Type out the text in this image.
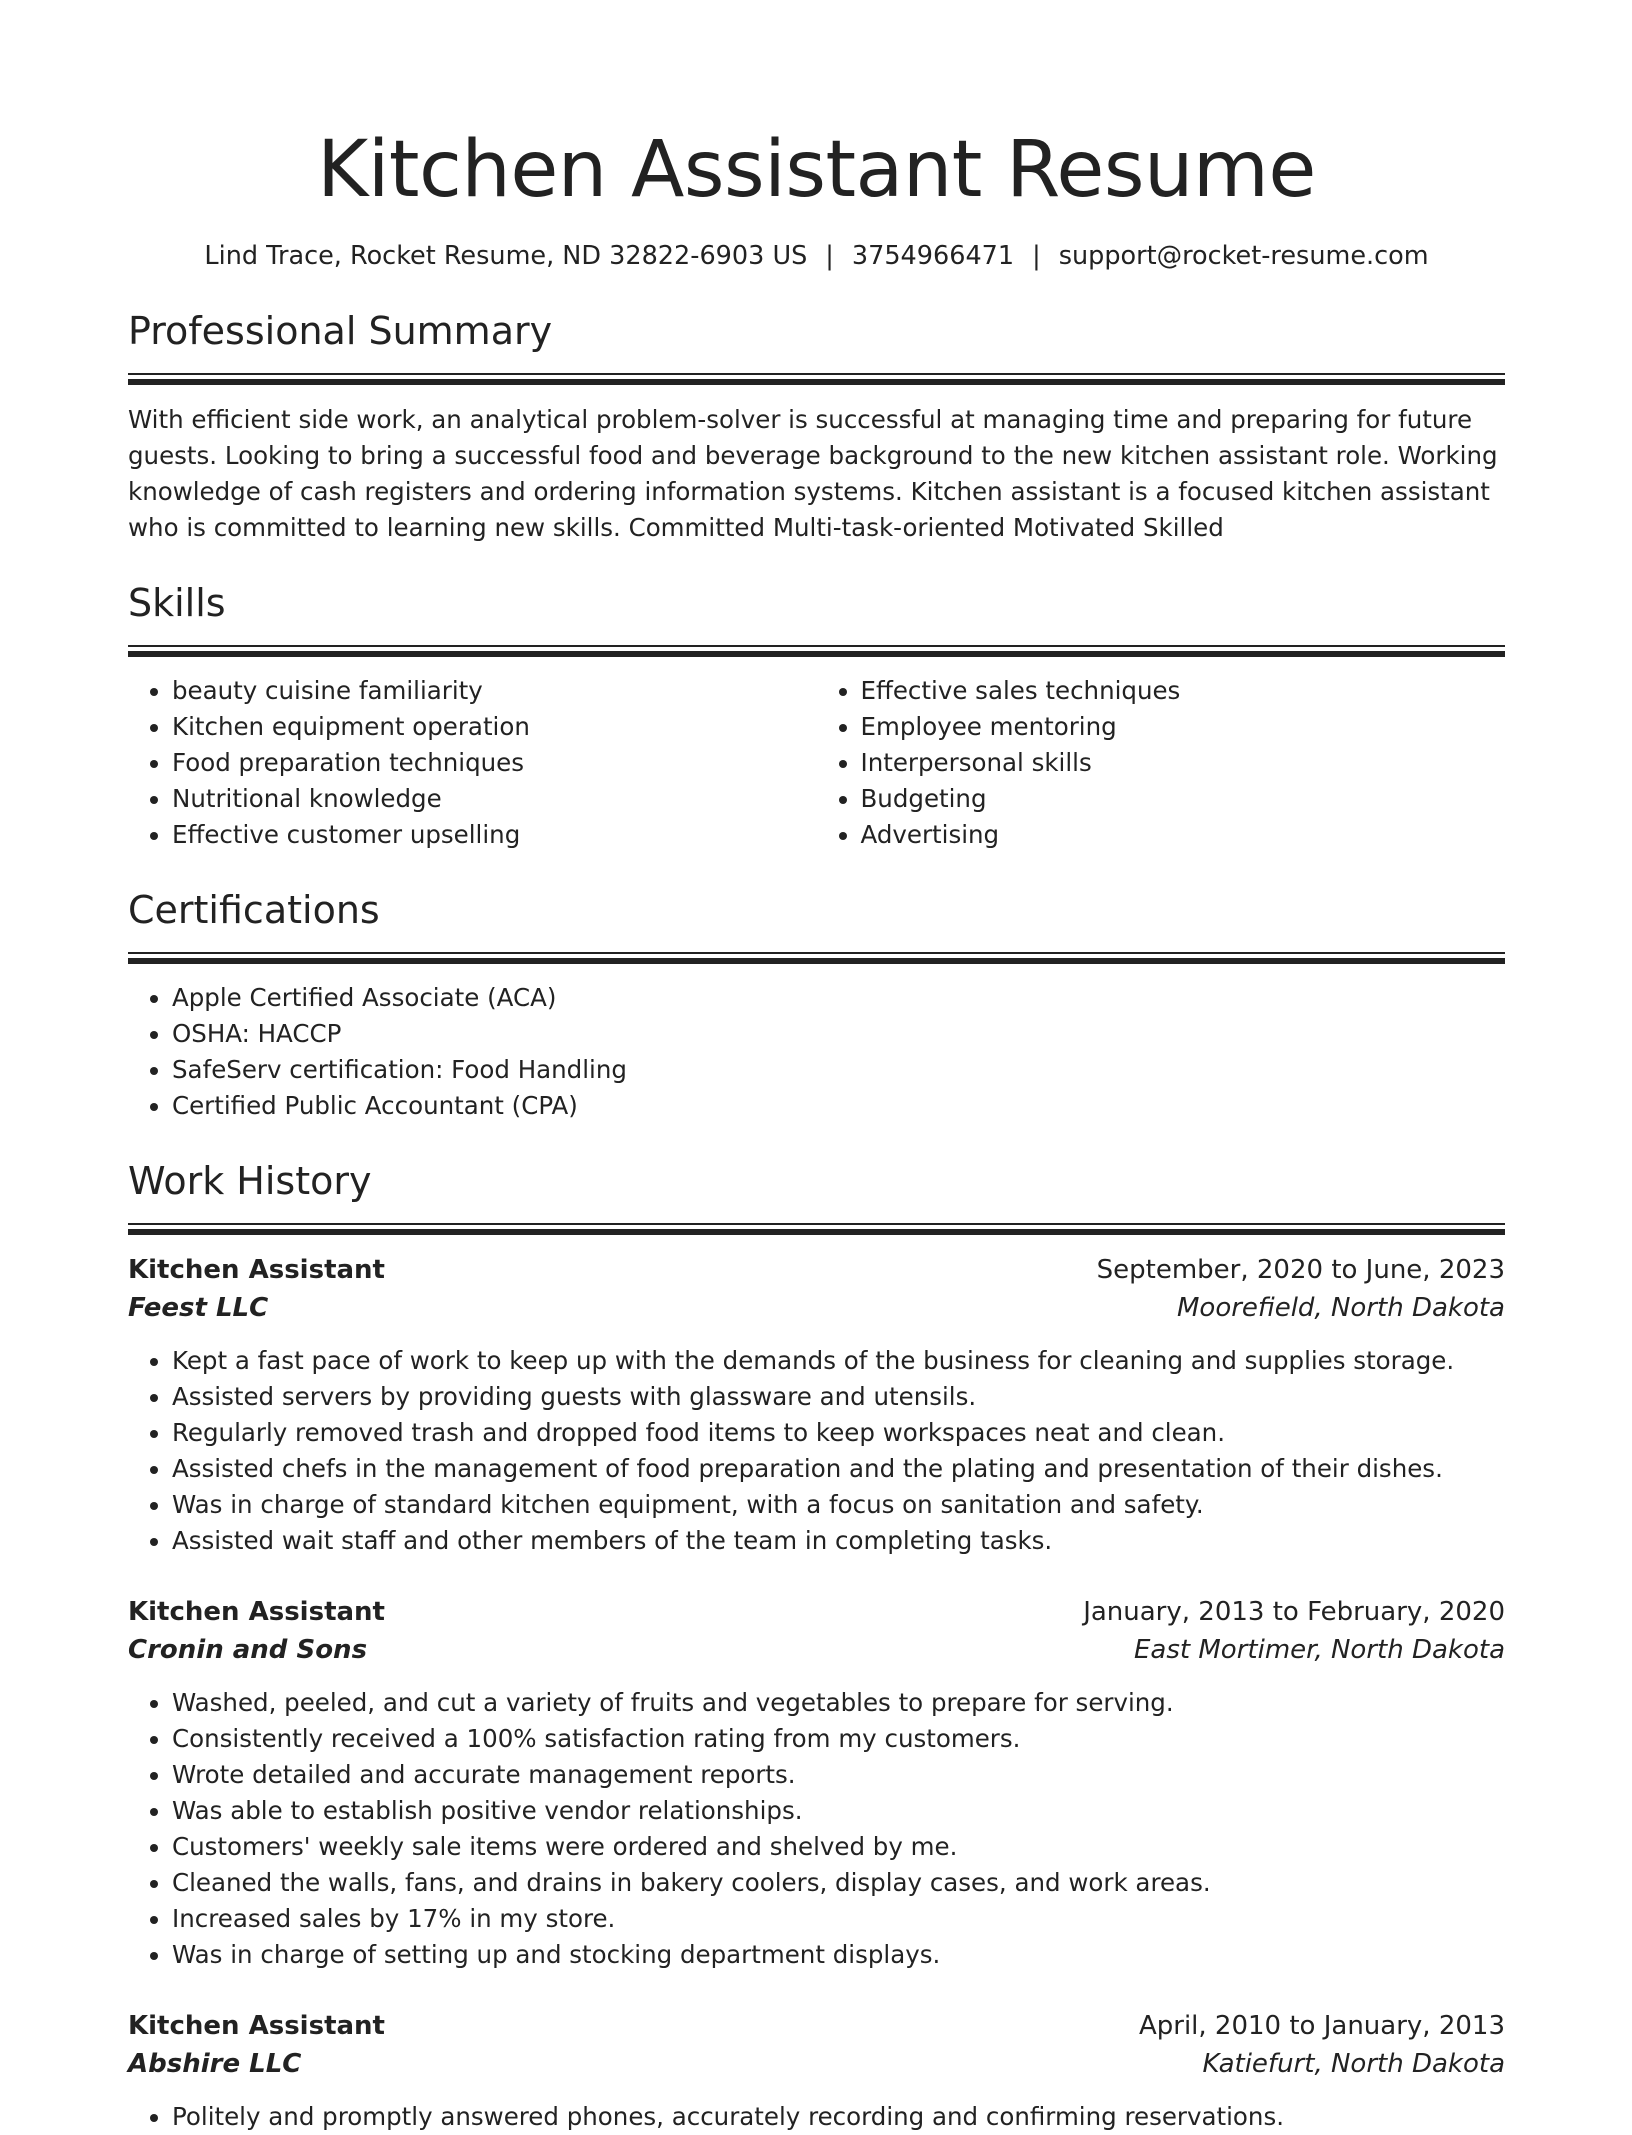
Kitchen Assistant Resume
Lind Trace, Rocket Resume, ND 32822-6903 US | 3754966471 | support@rocket-resume.com
Professional Summary
With efficient side work, an analytical problem-solver is successful at managing time and preparing for future guests. Looking to bring a successful food and beverage background to the new kitchen assistant role. Working knowledge of cash registers and ordering information systems. Kitchen assistant is a focused kitchen assistant who is committed to learning new skills. Committed Multi-task-oriented Motivated Skilled
Skills
• beauty cuisine familiarity
• Kitchen equipment operation
• Food preparation techniques
• Nutritional knowledge
• Effective customer upselling
• Effective sales techniques
• Employee mentoring
• Interpersonal skills
• Budgeting
• Advertising
Certifications
• Apple Certified Associate (ACA)
• OSHA: HACCP
• SafeServ certification: Food Handling
• Certified Public Accountant (CPA)
Work History
Kitchen Assistant	September, 2020 to June, 2023
Feest LLC	Moorefield, North Dakota
• Kept a fast pace of work to keep up with the demands of the business for cleaning and supplies storage.
• Assisted servers by providing guests with glassware and utensils.
• Regularly removed trash and dropped food items to keep workspaces neat and clean.
• Assisted chefs in the management of food preparation and the plating and presentation of their dishes.
• Was in charge of standard kitchen equipment, with a focus on sanitation and safety.
• Assisted wait staff and other members of the team in completing tasks.
Kitchen Assistant	January, 2013 to February, 2020
Cronin and Sons	East Mortimer, North Dakota
• Washed, peeled, and cut a variety of fruits and vegetables to prepare for serving.
• Consistently received a 100% satisfaction rating from my customers.
• Wrote detailed and accurate management reports.
• Was able to establish positive vendor relationships.
• Customers' weekly sale items were ordered and shelved by me.
• Cleaned the walls, fans, and drains in bakery coolers, display cases, and work areas.
• Increased sales by 17% in my store.
• Was in charge of setting up and stocking department displays.
Kitchen Assistant	April, 2010 to January, 2013
Abshire LLC	Katiefurt, North Dakota
• Politely and promptly answered phones, accurately recording and confirming reservations.
